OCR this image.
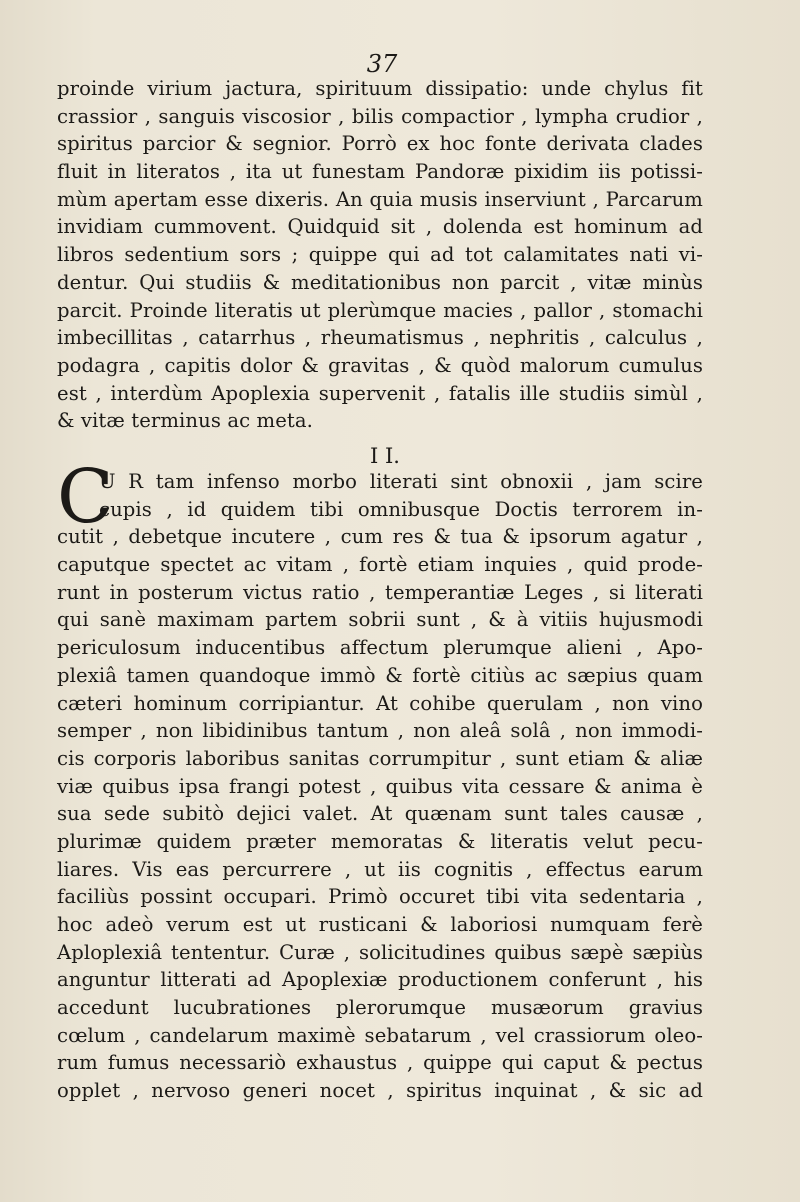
37
proinde virium jactura, spirituum dissipatio: unde chylus fit
crassior , sanguis viscosior , bilis compactior , lympha crudior ,
spiritus parcior & segnior. Porrò ex hoc fonte derivata clades
fluit in literatos , ita ut funestam Pandoræ pixidim iis potissi-
mùm apertam esse dixeris. An quia musis inserviunt , Parcarum
invidiam cummovent. Quidquid sit , dolenda est hominum ad
libros sedentium sors ; quippe qui ad tot calamitates nati vi-
dentur. Qui studiis & meditationibus non parcit , vitæ minùs
parcit. Proinde literatis ut plerùmque macies , pallor , stomachi
imbecillitas , catarrhus , rheumatismus , nephritis , calculus ,
podagra , capitis dolor & gravitas , & quòd malorum cumulus
est , interdùm Apoplexia supervenit , fatalis ille studiis simùl ,
& vitæ terminus ac meta.
I I.
C
U R tam infenso morbo literati sint obnoxii , jam scire
cupis , id quidem tibi omnibusque Doctis terrorem in-
cutit , debetque incutere , cum res & tua & ipsorum agatur ,
caputque spectet ac vitam , fortè etiam inquies , quid prode-
runt in posterum victus ratio , temperantiæ Leges , si literati
qui sanè maximam partem sobrii sunt , & à vitiis hujusmodi
periculosum inducentibus affectum plerumque alieni , Apo-
plexiâ tamen quandoque immò & fortè citiùs ac sæpius quam
cæteri hominum corripiantur. At cohibe querulam , non vino
semper , non libidinibus tantum , non aleâ solâ , non immodi-
cis corporis laboribus sanitas corrumpitur , sunt etiam & aliæ
viæ quibus ipsa frangi potest , quibus vita cessare & anima è
sua sede subitò dejici valet. At quænam sunt tales causæ ,
plurimæ quidem præter memoratas & literatis velut pecu-
liares. Vis eas percurrere , ut iis cognitis , effectus earum
faciliùs possint occupari. Primò occuret tibi vita sedentaria ,
hoc adeò verum est ut rusticani & laboriosi numquam ferè
Aploplexiâ tententur. Curæ , solicitudines quibus sæpè sæpiùs
anguntur litterati ad Apoplexiæ productionem conferunt , his
accedunt lucubrationes plerorumque musæorum gravius
cœlum , candelarum maximè sebatarum , vel crassiorum oleo-
rum fumus necessariò exhaustus , quippe qui caput & pectus
opplet , nervoso generi nocet , spiritus inquinat , & sic ad
